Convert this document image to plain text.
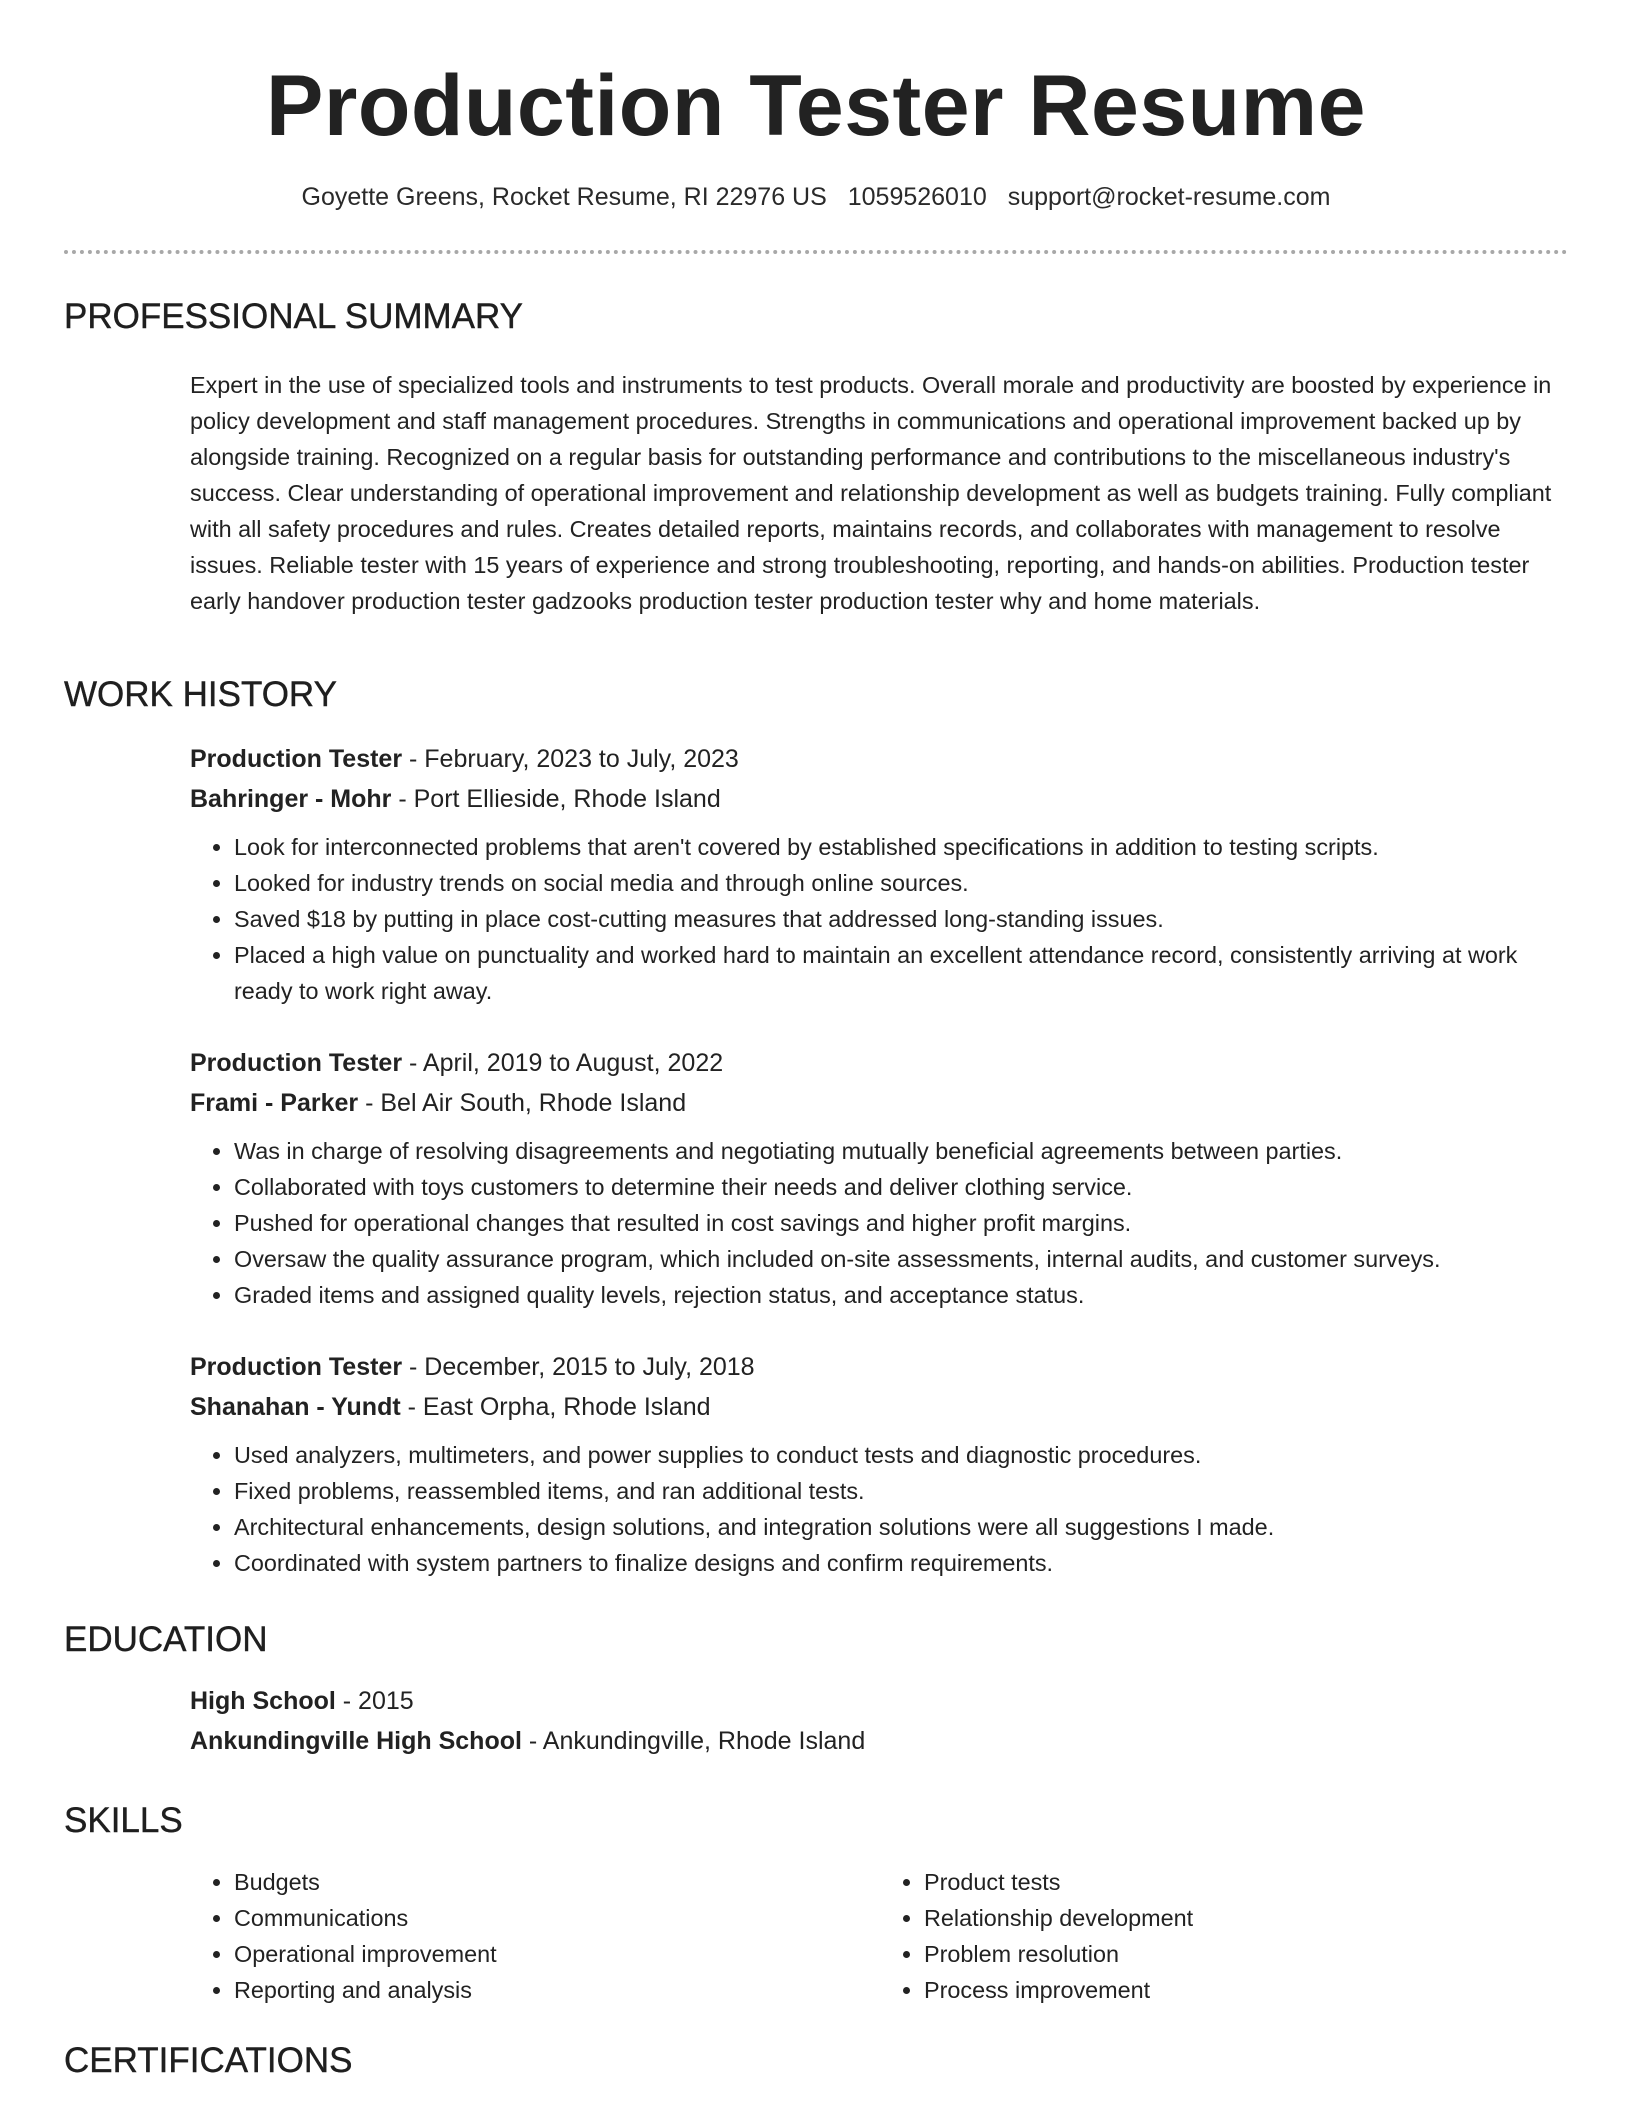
Production Tester Resume
Goyette Greens, Rocket Resume, RI 22976 US 1059526010 support@rocket-resume.com
PROFESSIONAL SUMMARY
Expert in the use of specialized tools and instruments to test products. Overall morale and productivity are boosted by experience in policy development and staff management procedures. Strengths in communications and operational improvement backed up by alongside training. Recognized on a regular basis for outstanding performance and contributions to the miscellaneous industry's success. Clear understanding of operational improvement and relationship development as well as budgets training. Fully compliant with all safety procedures and rules. Creates detailed reports, maintains records, and collaborates with management to resolve issues. Reliable tester with 15 years of experience and strong troubleshooting, reporting, and hands-on abilities. Production tester early handover production tester gadzooks production tester production tester why and home materials.
WORK HISTORY
Production Tester - February, 2023 to July, 2023
Bahringer - Mohr - Port Ellieside, Rhode Island
• Look for interconnected problems that aren't covered by established specifications in addition to testing scripts.
• Looked for industry trends on social media and through online sources.
• Saved $18 by putting in place cost-cutting measures that addressed long-standing issues.
• Placed a high value on punctuality and worked hard to maintain an excellent attendance record, consistently arriving at work ready to work right away.
Production Tester - April, 2019 to August, 2022
Frami - Parker - Bel Air South, Rhode Island
• Was in charge of resolving disagreements and negotiating mutually beneficial agreements between parties.
• Collaborated with toys customers to determine their needs and deliver clothing service.
• Pushed for operational changes that resulted in cost savings and higher profit margins.
• Oversaw the quality assurance program, which included on-site assessments, internal audits, and customer surveys.
• Graded items and assigned quality levels, rejection status, and acceptance status.
Production Tester - December, 2015 to July, 2018
Shanahan - Yundt - East Orpha, Rhode Island
• Used analyzers, multimeters, and power supplies to conduct tests and diagnostic procedures.
• Fixed problems, reassembled items, and ran additional tests.
• Architectural enhancements, design solutions, and integration solutions were all suggestions I made.
• Coordinated with system partners to finalize designs and confirm requirements.
EDUCATION
High School - 2015
Ankundingville High School - Ankundingville, Rhode Island
SKILLS
• Budgets
• Communications
• Operational improvement
• Reporting and analysis
• Product tests
• Relationship development
• Problem resolution
• Process improvement
CERTIFICATIONS
